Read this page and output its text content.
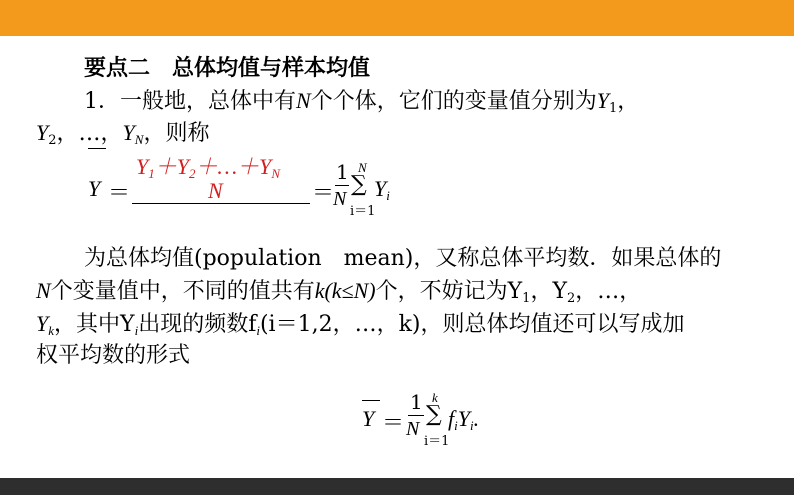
要点二　总体均值与样本均值
1．一般地，总体中有N个个体，它们的变量值分别为$Y_1$，
$Y_2$，…，$Y_N$，则称
Y ＝
$Y_1+Y_2+\dots+Y_N$
N	＝
1
N
N
∑
i＝1
$Y_i$
为总体均值(population　mean)，又称总体平均数．如果总体的
N个变量值中，不同的值共有k(k≤N)个，不妨记为$Y_1$，$Y_2$，…，
$Y_k$，其中$Y_i$出现的频数$f_i(i=1,2$，…，k)，则总体均值还可以写成加
权平均数的形式
Y ＝
1
N
k
∑
i＝1
$f_iY_i$.
